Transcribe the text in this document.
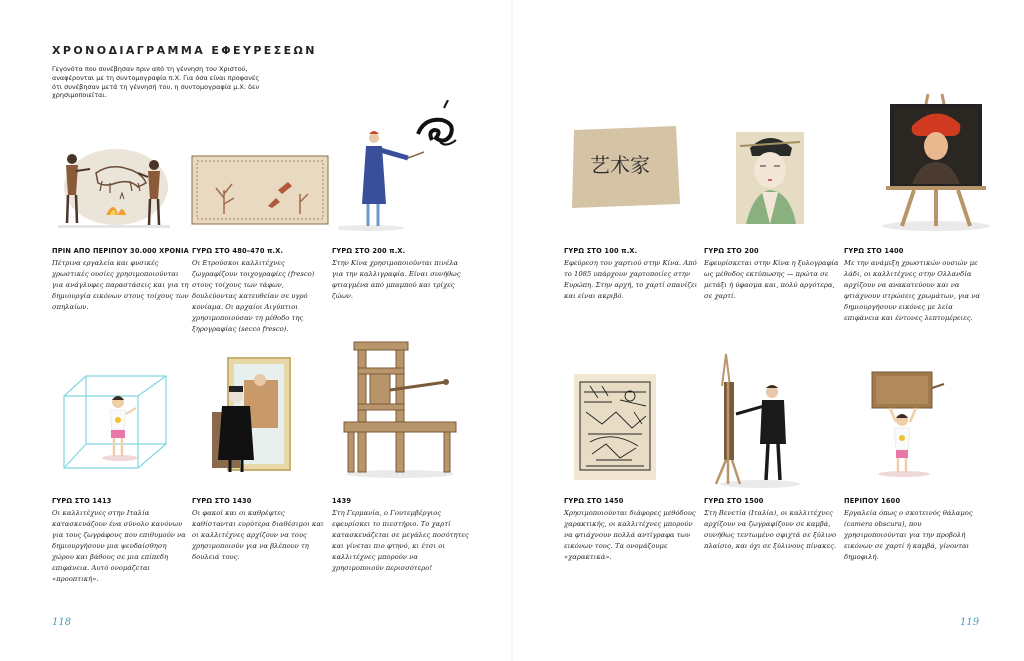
ΧΡΟΝΟΔΙΑΓΡΑΜΜΑ ΕΦΕΥΡΕΣΕΩΝ
Γεγονότα που συνέβησαν πριν από τη γέννηση του Χριστού, αναφέρονται με τη συντομογραφία π.Χ. Για όσα είναι προφανές ότι συνέβησαν μετά τη γέννησή του, η συντομογραφία μ.Χ. δεν χρησιμοποιείται.
艺术家
ΠΡΙΝ ΑΠΟ ΠΕΡΙΠΟΥ 30.000 ΧΡΟΝΙΑ
Πέτρινα εργαλεία και φυσικές χρωστικές ουσίες χρησιμοποιούνται για ανάγλυφες παραστάσεις και για τη δημιουργία εικόνων στους τοίχους των σπηλαίων.
ΓΥΡΩ ΣΤΟ 480–470 π.Χ.
Οι Ετρούσκοι καλλιτέχνες ζωγραφίζουν τοιχογραφίες (fresco) στους τοίχους των τάφων, δουλεύοντας κατευθείαν σε υγρό κονίαμα. Οι αρχαίοι Αιγύπτιοι χρησιμοποιούσαν τη μέθοδο της ξηρογραφίας (secco fresco).
ΓΥΡΩ ΣΤΟ 200 π.Χ.
Στην Κίνα χρησιμοποιούνται πινέλα για την καλλιγραφία. Είναι συνήθως φτιαγμένα από μπαμπού και τρίχες ζώων.
ΓΥΡΩ ΣΤΟ 100 π.Χ.
Εφεύρεση του χαρτιού στην Κίνα. Από το 1085 υπάρχουν χαρτοποιίες στην Ευρώπη. Στην αρχή, το χαρτί σπανίζει και είναι ακριβό.
ΓΥΡΩ ΣΤΟ 200
Εφευρίσκεται στην Κίνα η ξυλογραφία ως μέθοδος εκτύπωσης — πρώτα σε μετάξι ή ύφασμα και, πολύ αργότερα, σε χαρτί.
ΓΥΡΩ ΣΤΟ 1400
Με την ανάμιξη χρωστικών ουσιών με λάδι, οι καλλιτέχνες στην Ολλανδία αρχίζουν να ανακατεύουν και να φτιάχνουν στρώσεις χρωμάτων, για να δημιουργήσουν εικόνες με λεία επιφάνεια και έντονες λεπτομέρειες.
ΓΥΡΩ ΣΤΟ 1413
Οι καλλιτέχνες στην Ιταλία κατασκευάζουν ένα σύνολο κανόνων για τους ζωγράφους που επιθυμούν να δημιουργήσουν μια ψευδαίσθηση χώρου και βάθους σε μια επίπεδη επιφάνεια. Αυτό ονομάζεται «προοπτική».
ΓΥΡΩ ΣΤΟ 1430
Οι φακοί και οι καθρέφτες καθίστανται ευρύτερα διαθέσιμοι και οι καλλιτέχνες αρχίζουν να τους χρησιμοποιούν για να βλέπουν τη δουλειά τους.
1439
Στη Γερμανία, ο Γουτεμβέργιος εφευρίσκει το πιεστήριο. Το χαρτί κατασκευάζεται σε μεγάλες ποσότητες και γίνεται πιο φτηνό, κι έτσι οι καλλιτέχνες μπορούν να χρησιμοποιούν περισσότερο!
ΓΥΡΩ ΣΤΟ 1450
Χρησιμοποιούνται διάφορες μεθόδους χαρακτικής, οι καλλιτέχνες μπορούν να φτιάχνουν πολλά αντίγραφα των εικόνων τους. Τα ονομάζουμε «χαρακτικά».
ΓΥΡΩ ΣΤΟ 1500
Στη Βενετία (Ιταλία), οι καλλιτέχνες αρχίζουν να ζωγραφίζουν σε καμβά, συνήθως τεντωμένο σφιχτά σε ξύλινο πλαίσιο, και όχι σε ξύλινους πίνακες.
ΠΕΡΙΠΟΥ 1600
Εργαλεία όπως ο σκοτεινός θάλαμος (camera obscura), που χρησιμοποιούνται για την προβολή εικόνων σε χαρτί ή καμβά, γίνονται δημοφιλή.
118	119
